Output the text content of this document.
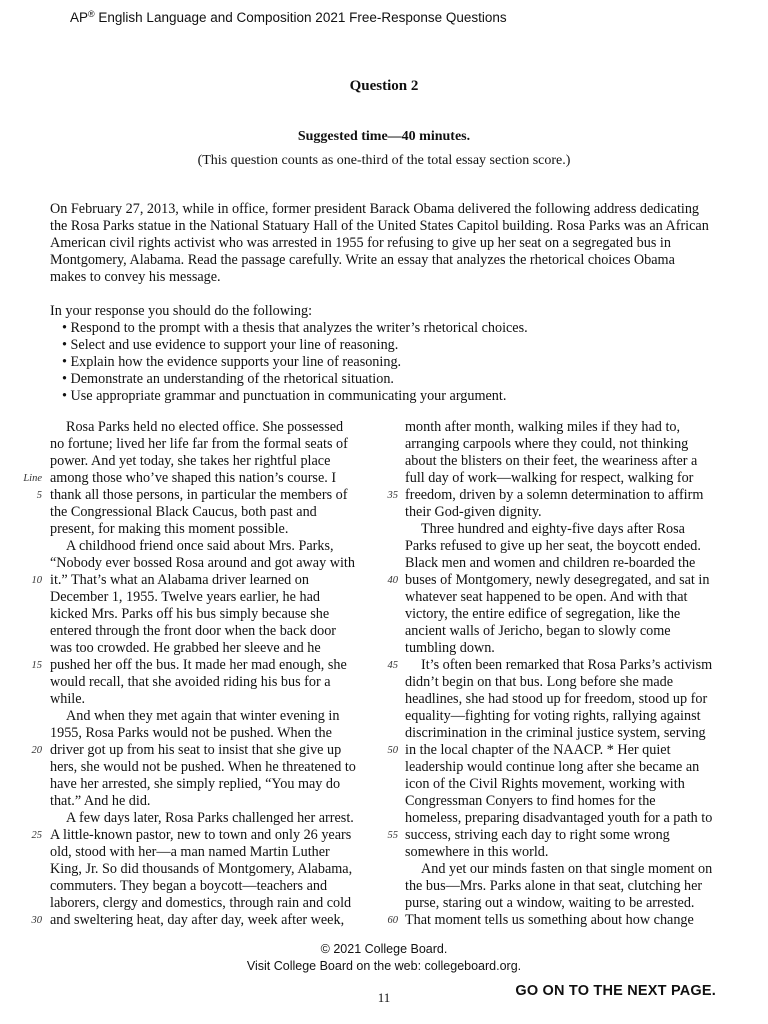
AP® English Language and Composition 2021 Free-Response Questions
Question 2
Suggested time—40 minutes.
(This question counts as one-third of the total essay section score.)
On February 27, 2013, while in office, former president Barack Obama delivered the following address dedicating
the Rosa Parks statue in the National Statuary Hall of the United States Capitol building. Rosa Parks was an African
American civil rights activist who was arrested in 1955 for refusing to give up her seat on a segregated bus in
Montgomery, Alabama. Read the passage carefully. Write an essay that analyzes the rhetorical choices Obama
makes to convey his message.
In your response you should do the following:
• Respond to the prompt with a thesis that analyzes the writer’s rhetorical choices.
• Select and use evidence to support your line of reasoning.
• Explain how the evidence supports your line of reasoning.
• Demonstrate an understanding of the rhetorical situation.
• Use appropriate grammar and punctuation in communicating your argument.
Rosa Parks held no elected office. She possessed
no fortune; lived her life far from the formal seats of
power. And yet today, she takes her rightful place
among those who’ve shaped this nation’s course. I
thank all those persons, in particular the members of
the Congressional Black Caucus, both past and
present, for making this moment possible.
A childhood friend once said about Mrs. Parks,
“Nobody ever bossed Rosa around and got away with
it.” That’s what an Alabama driver learned on
December 1, 1955. Twelve years earlier, he had
kicked Mrs. Parks off his bus simply because she
entered through the front door when the back door
was too crowded. He grabbed her sleeve and he
pushed her off the bus. It made her mad enough, she
would recall, that she avoided riding his bus for a
while.
And when they met again that winter evening in
1955, Rosa Parks would not be pushed. When the
driver got up from his seat to insist that she give up
hers, she would not be pushed. When he threatened to
have her arrested, she simply replied, “You may do
that.” And he did.
A few days later, Rosa Parks challenged her arrest.
A little-known pastor, new to town and only 26 years
old, stood with her—a man named Martin Luther
King, Jr. So did thousands of Montgomery, Alabama,
commuters. They began a boycott—teachers and
laborers, clergy and domestics, through rain and cold
and sweltering heat, day after day, week after week,
month after month, walking miles if they had to,
arranging carpools where they could, not thinking
about the blisters on their feet, the weariness after a
full day of work—walking for respect, walking for
freedom, driven by a solemn determination to affirm
their God-given dignity.
Three hundred and eighty-five days after Rosa
Parks refused to give up her seat, the boycott ended.
Black men and women and children re-boarded the
buses of Montgomery, newly desegregated, and sat in
whatever seat happened to be open. And with that
victory, the entire edifice of segregation, like the
ancient walls of Jericho, began to slowly come
tumbling down.
It’s often been remarked that Rosa Parks’s activism
didn’t begin on that bus. Long before she made
headlines, she had stood up for freedom, stood up for
equality—fighting for voting rights, rallying against
discrimination in the criminal justice system, serving
in the local chapter of the NAACP. * Her quiet
leadership would continue long after she became an
icon of the Civil Rights movement, working with
Congressman Conyers to find homes for the
homeless, preparing disadvantaged youth for a path to
success, striving each day to right some wrong
somewhere in this world.
And yet our minds fasten on that single moment on
the bus—Mrs. Parks alone in that seat, clutching her
purse, staring out a window, waiting to be arrested.
That moment tells us something about how change
5
10
15
20
25
30
35
40
45
50
55
60
Line
© 2021 College Board.
Visit College Board on the web: collegeboard.org.
11	GO ON TO THE NEXT PAGE.
